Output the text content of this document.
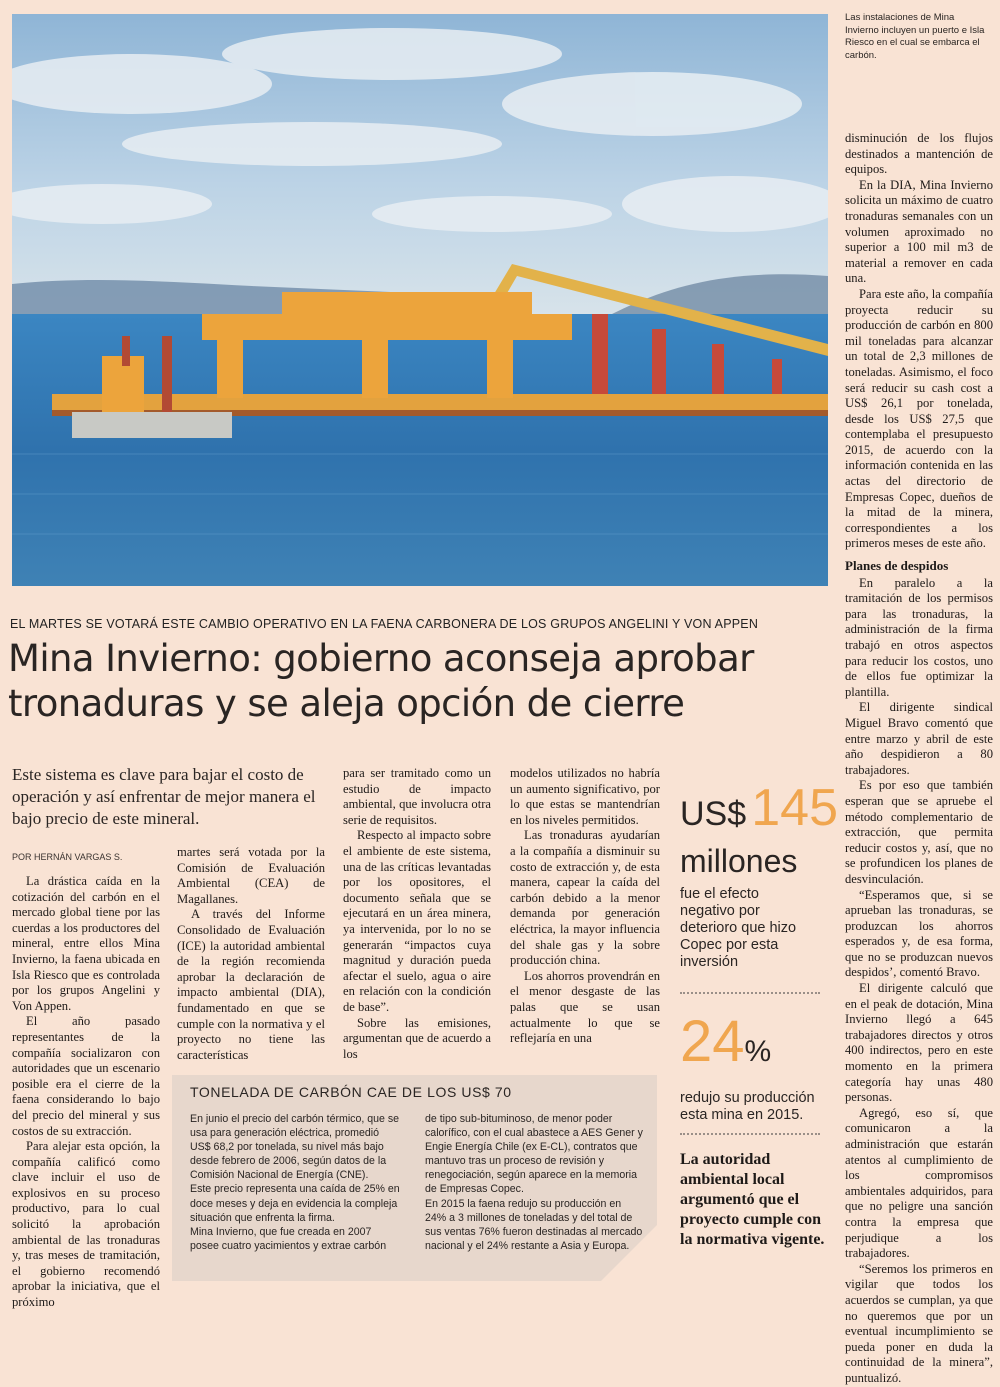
Las instalaciones de Mina Invierno incluyen un puerto e Isla Riesco en el cual se embarca el carbón.

disminución de los flujos destinados a mantención de equipos.

En la DIA, Mina Invierno solicita un máximo de cuatro tronaduras semanales con un volumen aproximado no superior a 100 mil m3 de material a remover en cada una.

Para este año, la compañía proyecta reducir su producción de carbón en 800 mil toneladas para alcanzar un total de 2,3 millones de toneladas. Asimismo, el foco será reducir su cash cost a US$ 26,1 por tonelada, desde los US$ 27,5 que contemplaba el presupuesto 2015, de acuerdo con la información contenida en las actas del directorio de Empresas Copec, dueños de la mitad de la minera, correspondientes a los primeros meses de este año.

Planes de despidos

En paralelo a la tramitación de los permisos para las tronaduras, la administración de la firma trabajó en otros aspectos para reducir los costos, uno de ellos fue optimizar la plantilla.

El dirigente sindical Miguel Bravo comentó que entre marzo y abril de este año despidieron a 80 trabajadores.

Es por eso que también esperan que se apruebe el método complementario de extracción, que permita reducir costos y, así, que no se profundicen los planes de desvinculación.

“Esperamos que, si se aprueban las tronaduras, se produzcan los ahorros esperados y, de esa forma, que no se produzcan nuevos despidos’, comentó Bravo.

El dirigente calculó que en el peak de dotación, Mina Invierno llegó a 645 trabajadores directos y otros 400 indirectos, pero en este momento en la primera categoría hay unas 480 personas.

Agregó, eso sí, que comunicaron a la administración que estarán atentos al cumplimiento de los compromisos ambientales adquiridos, para que no peligre una sanción contra la empresa que perjudique a los trabajadores.

“Seremos los primeros en vigilar que todos los acuerdos se cumplan, ya que no queremos que por un eventual incumplimiento se pueda poner en duda la continuidad de la minera”, puntualizó.

EL MARTES SE VOTARÁ ESTE CAMBIO OPERATIVO EN LA FAENA CARBONERA DE LOS GRUPOS ANGELINI Y VON APPEN
Mina Invierno: gobierno aconseja aprobar
tronaduras y se aleja opción de cierre
Este sistema es clave para bajar el costo de operación y así enfrentar de mejor manera el bajo precio de este mineral.
POR HERNÁN VARGAS S.

La drástica caída en la cotización del carbón en el mercado global tiene por las cuerdas a los productores del mineral, entre ellos Mina Invierno, la faena ubicada en Isla Riesco que es controlada por los grupos Angelini y Von Appen.

El año pasado representantes de la compañía socializaron con autoridades que un escenario posible era el cierre de la faena considerando lo bajo del precio del mineral y sus costos de su extracción.

Para alejar esta opción, la compañía calificó como clave incluir el uso de explosivos en su proceso productivo, para lo cual solicitó la aprobación ambiental de las tronaduras y, tras meses de tramitación, el gobierno recomendó aprobar la iniciativa, que el próximo

martes será votada por la Comisión de Evaluación Ambiental (CEA) de Magallanes.

A través del Informe Consolidado de Evaluación (ICE) la autoridad ambiental de la región recomienda aprobar la declaración de impacto ambiental (DIA), fundamentado en que se cumple con la normativa y el proyecto no tiene las características

para ser tramitado como un estudio de impacto ambiental, que involucra otra serie de requisitos.

Respecto al impacto sobre el ambiente de este sistema, una de las críticas levantadas por los opositores, el documento señala que se ejecutará en un área minera, ya intervenida, por lo no se generarán “impactos cuya magnitud y duración pueda afectar el suelo, agua o aire en relación con la condición de base”.

Sobre las emisiones, argumentan que de acuerdo a los

modelos utilizados no habría un aumento significativo, por lo que estas se mantendrían en los niveles permitidos.

Las tronaduras ayudarían a la compañía a disminuir su costo de extracción y, de esta manera, capear la caída del carbón debido a la menor demanda por generación eléctrica, la mayor influencia del shale gas y la sobre producción china.

Los ahorros provendrán en el menor desgaste de las palas que se usan actualmente lo que se reflejaría en una

US$ 145
millones
fue el efecto negativo por deterioro que hizo Copec por esta inversión
24%
redujo su producción esta mina en 2015.
La autoridad ambiental local argumentó que el proyecto cumple con la normativa vigente.
TONELADA DE CARBÓN CAE DE LOS US$ 70

En junio el precio del carbón térmico, que se usa para generación eléctrica, promedió US$ 68,2 por tonelada, su nivel más bajo desde febrero de 2006, según datos de la Comisión Nacional de Energía (CNE).

Este precio representa una caída de 25% en doce meses y deja en evidencia la compleja situación que enfrenta la firma.

Mina Invierno, que fue creada en 2007 posee cuatro yacimientos y extrae carbón

de tipo sub-bituminoso, de menor poder calorífico, con el cual abastece a AES Gener y Engie Energía Chile (ex E-CL), contratos que mantuvo tras un proceso de revisión y renegociación, según aparece en la memoria de Empresas Copec.

En 2015 la faena redujo su producción en 24% a 3 millones de toneladas y del total de sus ventas 76% fueron destinadas al mercado nacional y el 24% restante a Asia y Europa.
